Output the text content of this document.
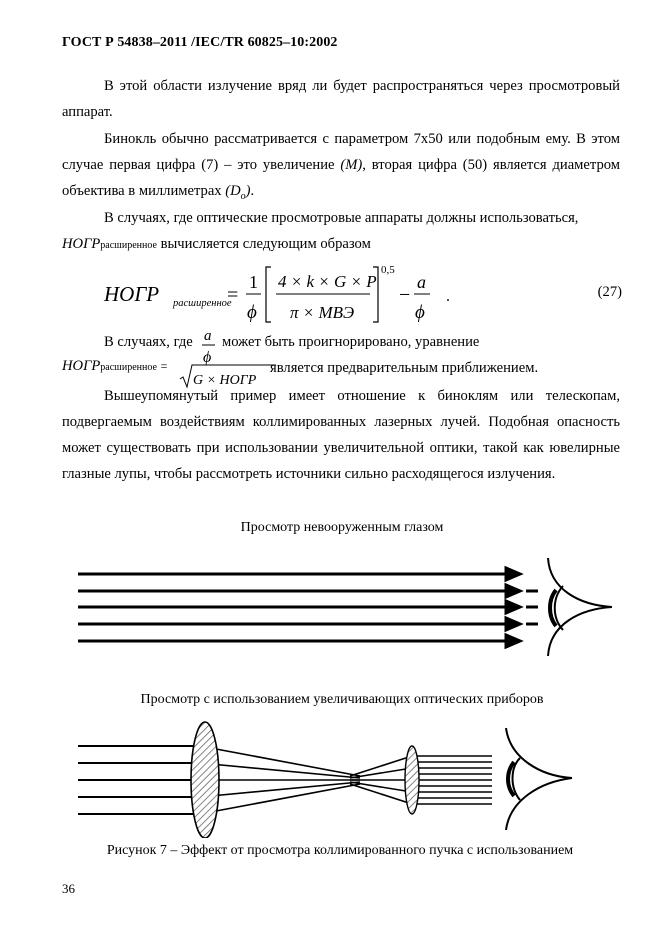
ГОСТ Р 54838–2011 /IEC/TR 60825–10:2002

В этой области излучение вряд ли будет распространяться через просмотровый аппарат.

Бинокль обычно рассматривается с параметром 7x50 или подобным ему. В этом случае первая цифра (7) – это увеличение (M), вторая цифра (50) является диаметром объектива в миллиметрах $(D_o)$.

В случаях, где оптические просмотровые аппараты должны использоваться,
НОГРрасширенное вычисляется следующим образом

НОГР расширенное
=
1
ϕ
4 × k × G × P
π × МВЭ
0,5
−
a
ϕ
.	(27)
В случаях, где a
ϕ
может быть проигнорировано, уравнение
НОГРрасширенное =
G × НОГР
является предварительным приближением.

Вышеупомянутый пример имеет отношение к биноклям или телескопам, подвергаемым воздействиям коллимированных лазерных лучей. Подобная опасность может существовать при использовании увеличительной оптики, такой как ювелирные глазные лупы, чтобы рассмотреть источники сильно расходящегося излучения.

Просмотр невооруженным глазом
Просмотр с использованием увеличивающих оптических приборов
Рисунок 7 – Эффект от просмотра коллимированного пучка с использованием
36
